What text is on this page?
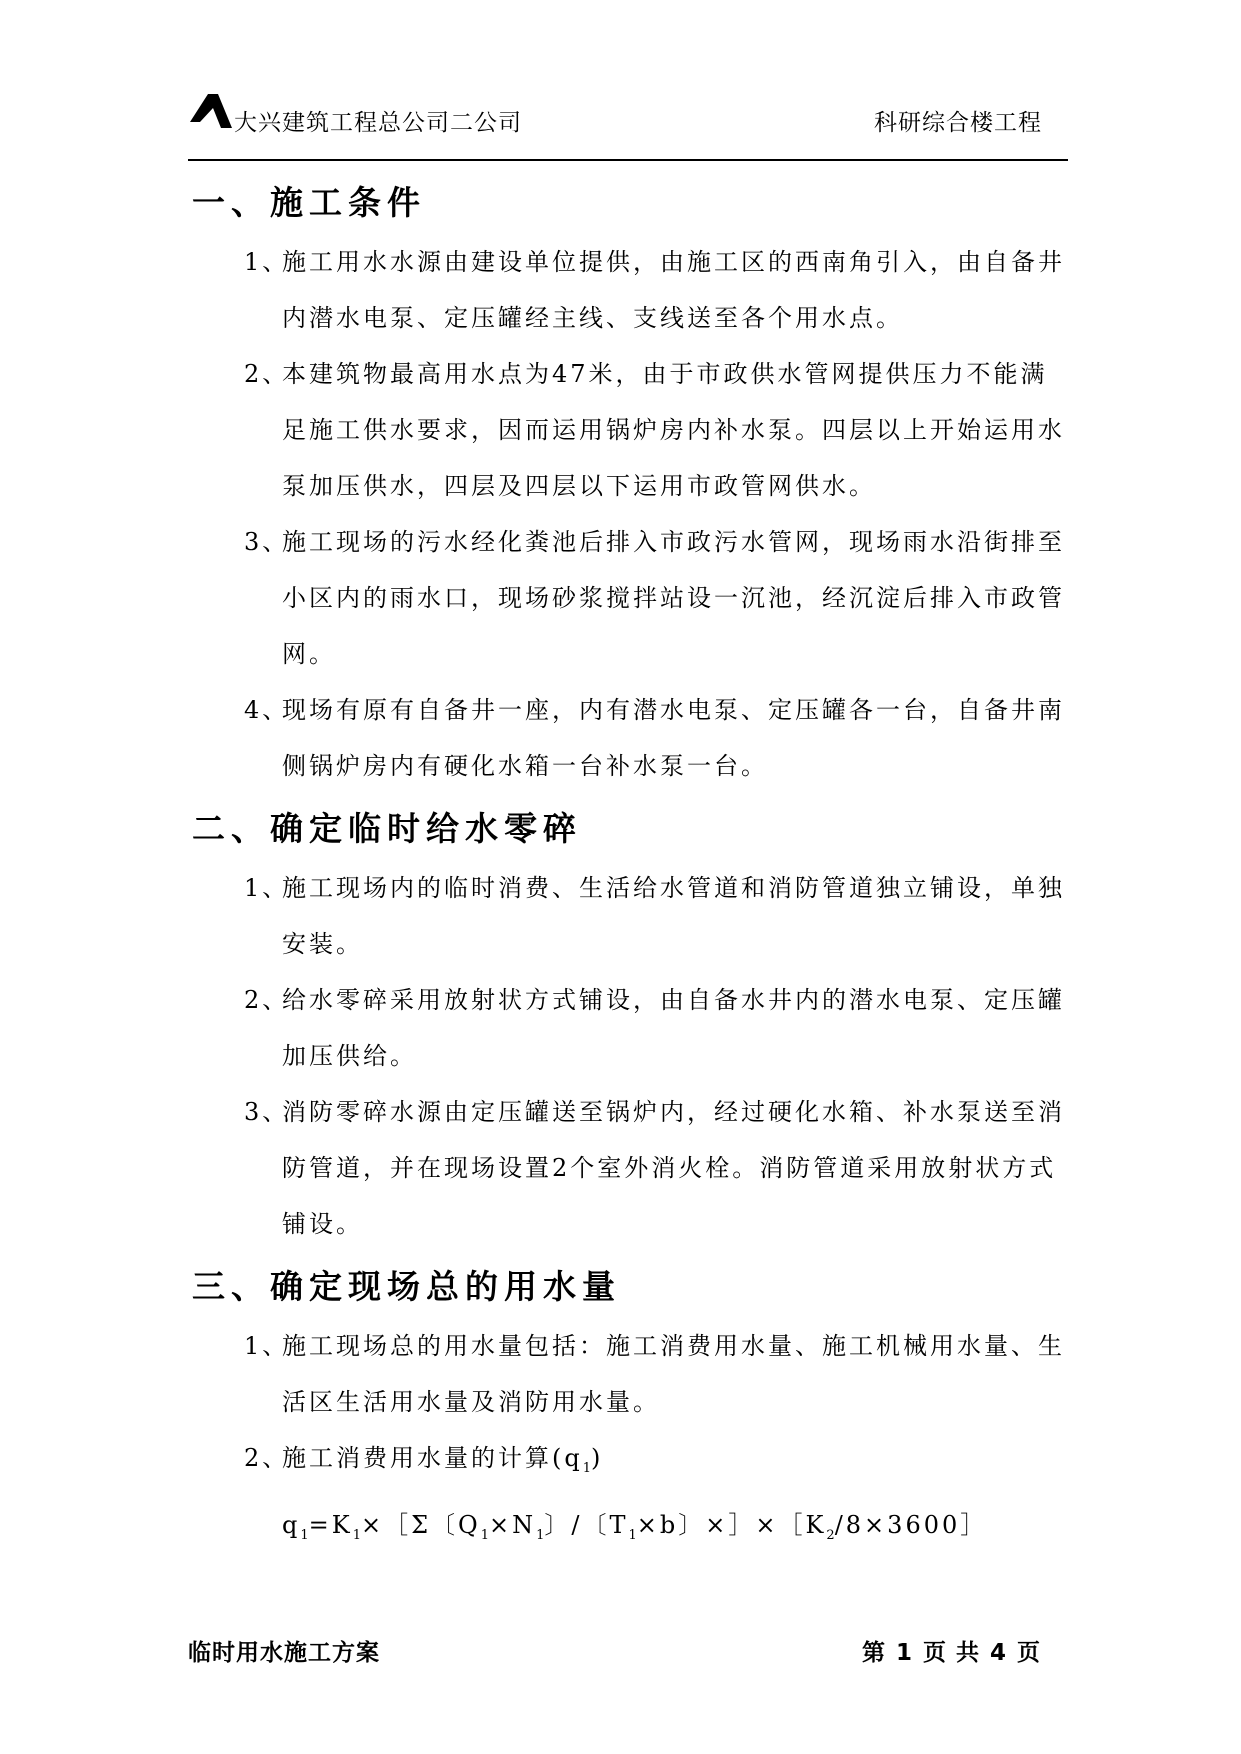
大兴建筑工程总公司二公司	科研综合楼工程
一、施工条件

1、
施工用水水源由建设单位提供，由施工区的西南角引入，由自备井内潜水电泵、定压罐经主线、支线送至各个用水点。

2、
本建筑物最高用水点为47米，由于市政供水管网提供压力不能满足施工供水要求，因而运用锅炉房内补水泵。四层以上开始运用水泵加压供水，四层及四层以下运用市政管网供水。

3、
施工现场的污水经化粪池后排入市政污水管网，现场雨水沿街排至小区内的雨水口，现场砂浆搅拌站设一沉池，经沉淀后排入市政管网。

4、
现场有原有自备井一座，内有潜水电泵、定压罐各一台，自备井南侧锅炉房内有硬化水箱一台补水泵一台。

二、确定临时给水零碎

1、
施工现场内的临时消费、生活给水管道和消防管道独立铺设，单独安装。

2、
给水零碎采用放射状方式铺设，由自备水井内的潜水电泵、定压罐加压供给。

3、
消防零碎水源由定压罐送至锅炉内，经过硬化水箱、补水泵送至消防管道，并在现场设置2个室外消火栓。消防管道采用放射状方式铺设。

三、确定现场总的用水量

1、
施工现场总的用水量包括：施工消费用水量、施工机械用水量、生活区生活用水量及消防用水量。

2、
施工消费用水量的计算$(q_1)$

$q_1=K_1\times[\Sigma$〔$Q_1\times N_1$〕/〔$T_1\times b$〕$\times]\times[K_2/8\times 3600]$
临时用水施工方案	第 1 页 共 4 页
